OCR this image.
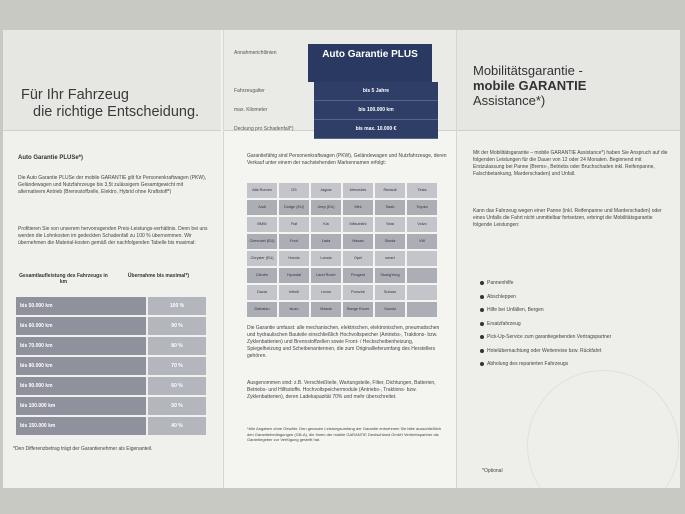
Für Ihr Fahrzeug
die richtige Entscheidung.
Auto Garantie PLUSe*)
Die Auto Garantie PLUSe der mobile GARANTIE gilt für Personenkraftwagen (PKW), Geländewagen und Nutzfahrzeuge bis 3,5t zulässigem Gesamtgewicht mit alternativem Antrieb (Brennstoffzelle, Elektro, Hybrid ohne Kraftstoff*)
Profitieren Sie von unserem hervorragenden Preis-Leistungs-verhältnis. Denn bei uns werden die Lohnkosten im gedeckten Schadenfall zu 100 % übernommen. Wir übernehmen die Material-kosten gemäß der nachfolgenden Tabelle bis maximal:
Gesamtlaufleistung des Fahrzeugs in km
Übernahme bis maximal*)
bis 50.000 km	100 %
bis 60.000 km	90 %
bis 70.000 km	80 %
bis 80.000 km	70 %
bis 90.000 km	60 %
bis 100.000 km	50 %
bis 150.000 km	40 %
*Den Differenzbetrag trägt der Garantienehmer als Eigenanteil.
Annahmerichtlinien	Auto Garantie PLUS
Fahrzeugalter	bis 5 Jahre
max. Kilometer	bis 100.000 km
Deckung pro Schadenfall*)	bis max. 10.000 €
Garantiefähig sind Personenkraftwagen (PKW), Geländewagen und Nutzfahrzeuge, deren Verkauf unter einem der nachstehenden Markennamen erfolgt:
Alfa Romeo	DS	Jaguar	Mercedes	Renault	Tesla
Audi	Dodge (EU)	Jeep (EU)	Mini	Saab	Toyota
BMW	Fiat	Kia	Mitsubishi	Seat	Volvo
Chevrolet (EU)	Ford	Lada	Nissan	Skoda	VW
Chrysler (EU)	Honda	Lancia	Opel	smart
Citroën	Hyundai	Land Rover	Peugeot	SsangYong
Dacia	Infiniti	Lexus	Porsche	Subaru
Daihatsu	Isuzu	Mazda	Range Rover	Suzuki
Die Garantie umfasst: alle mechanischen, elektrischen, elektronischen, pneumatischen und hydraulischen Bauteile einschließlich Hochvoltspeicher (Antriebs-, Traktions- bzw. Zyklenbatterien) und Brennstoffzellen sowie Front- / Heckscheibenheizung, Spiegelheizung und Scheibenantennen, die zum Originallieferumfang des Herstellers gehören.
Ausgenommen sind: z.B. Verschleißteile, Wartungsteile, Filter, Dichtungen, Batterien, Betriebs- und Hilfsstoffe. Hochvoltspeichermodule (Antriebs-, Traktions- bzw. Zyklenbatterien), deren Ladekapazität 70% und mehr überschreitet.
*Alle Angaben ohne Gewähr. Den genauen Leistungsumfang der Garantie entnehmen Sie bitte ausschließlich den Garantiebedingungen (GB-A), die Ihnen der mobile GARANTIE Deutschland GmbH Vertriebspartner als Garantiegeber zur Verfügung gestellt hat.
Mobilitätsgarantie -
mobile GARANTIE
Assistance*)
Mit der Mobilitätsgarantie – mobile GARANTIE Assistance*) haben Sie Anspruch auf die folgenden Leistungen für die Dauer von 12 oder 24 Monaten. Beginnend mit Erstzulassung bei Panne (Brems-, Betriebs oder Bruchschaden inkl. Reifenpanne, Falschbetankung, Marderschaden) und Unfall.
Kann das Fahrzeug wegen einer Panne (inkl. Reifenpanne und Marderschaden) oder eines Unfalls die Fahrt nicht unmittelbar fortsetzen, erbringt die Mobilitätsgarantie folgende Leistungen:
Pannenhilfe
Abschleppen
Hilfe bei Unfällen, Bergen
Ersatzfahrzeug
Pick-Up-Service zum garantiegebenden Vertragspartner
Hotelübernachtung oder Weiterreise bzw. Rückfahrt
Abholung des reparierten Fahrzeugs
*Optional
